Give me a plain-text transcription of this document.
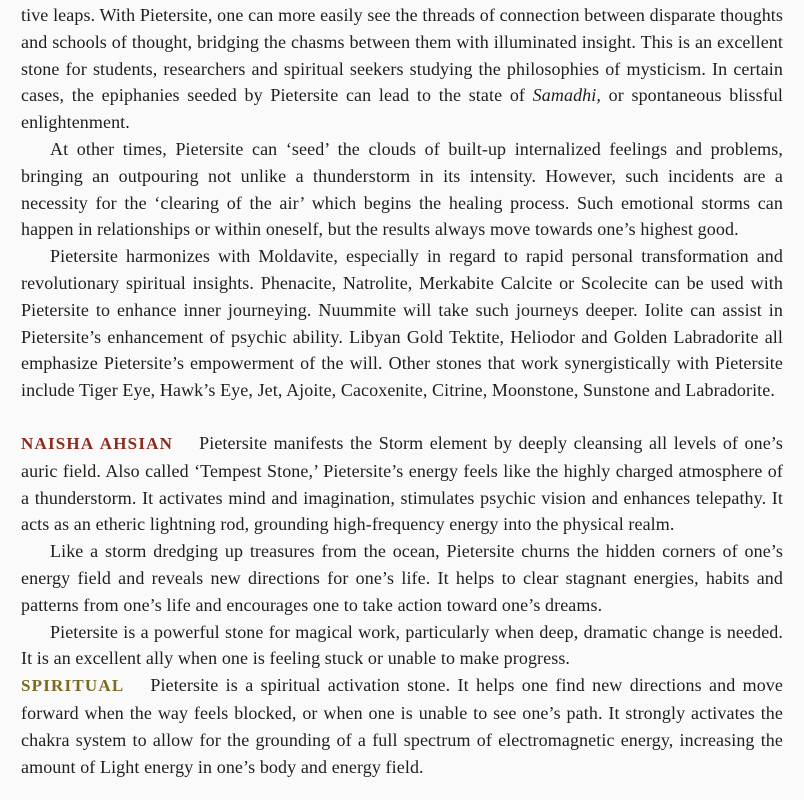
tive leaps. With Pietersite, one can more easily see the threads of connection between disparate thoughts and schools of thought, bridging the chasms between them with illuminated insight. This is an excellent stone for students, researchers and spiritual seekers studying the philosophies of mysticism. In certain cases, the epiphanies seeded by Pietersite can lead to the state of Samadhi, or spontaneous blissful enlightenment.

At other times, Pietersite can ‘seed’ the clouds of built-up internalized feelings and problems, bringing an outpouring not unlike a thunderstorm in its intensity. However, such incidents are a necessity for the ‘clearing of the air’ which begins the healing process. Such emotional storms can happen in relationships or within oneself, but the results always move towards one’s highest good.

Pietersite harmonizes with Moldavite, especially in regard to rapid personal transformation and revolutionary spiritual insights. Phenacite, Natrolite, Merkabite Calcite or Scolecite can be used with Pietersite to enhance inner journeying. Nuummite will take such journeys deeper. Iolite can assist in Pietersite’s enhancement of psychic ability. Libyan Gold Tektite, Heliodor and Golden Labradorite all emphasize Pietersite’s empowerment of the will. Other stones that work synergistically with Pietersite include Tiger Eye, Hawk’s Eye, Jet, Ajoite, Cacoxenite, Citrine, Moonstone, Sunstone and Labradorite.

NAISHA AHSIAN Pietersite manifests the Storm element by deeply cleansing all levels of one’s auric field. Also called ‘Tempest Stone,’ Pietersite’s energy feels like the highly charged atmosphere of a thunderstorm. It activates mind and imagination, stimulates psychic vision and enhances telepathy. It acts as an etheric lightning rod, grounding high-frequency energy into the physical realm.

Like a storm dredging up treasures from the ocean, Pietersite churns the hidden corners of one’s energy field and reveals new directions for one’s life. It helps to clear stagnant energies, habits and patterns from one’s life and encourages one to take action toward one’s dreams.

Pietersite is a powerful stone for magical work, particularly when deep, dramatic change is needed. It is an excellent ally when one is feeling stuck or unable to make progress.

SPIRITUAL Pietersite is a spiritual activation stone. It helps one find new directions and move forward when the way feels blocked, or when one is unable to see one’s path. It strongly activates the chakra system to allow for the grounding of a full spectrum of electromagnetic energy, increasing the amount of Light energy in one’s body and energy field.
